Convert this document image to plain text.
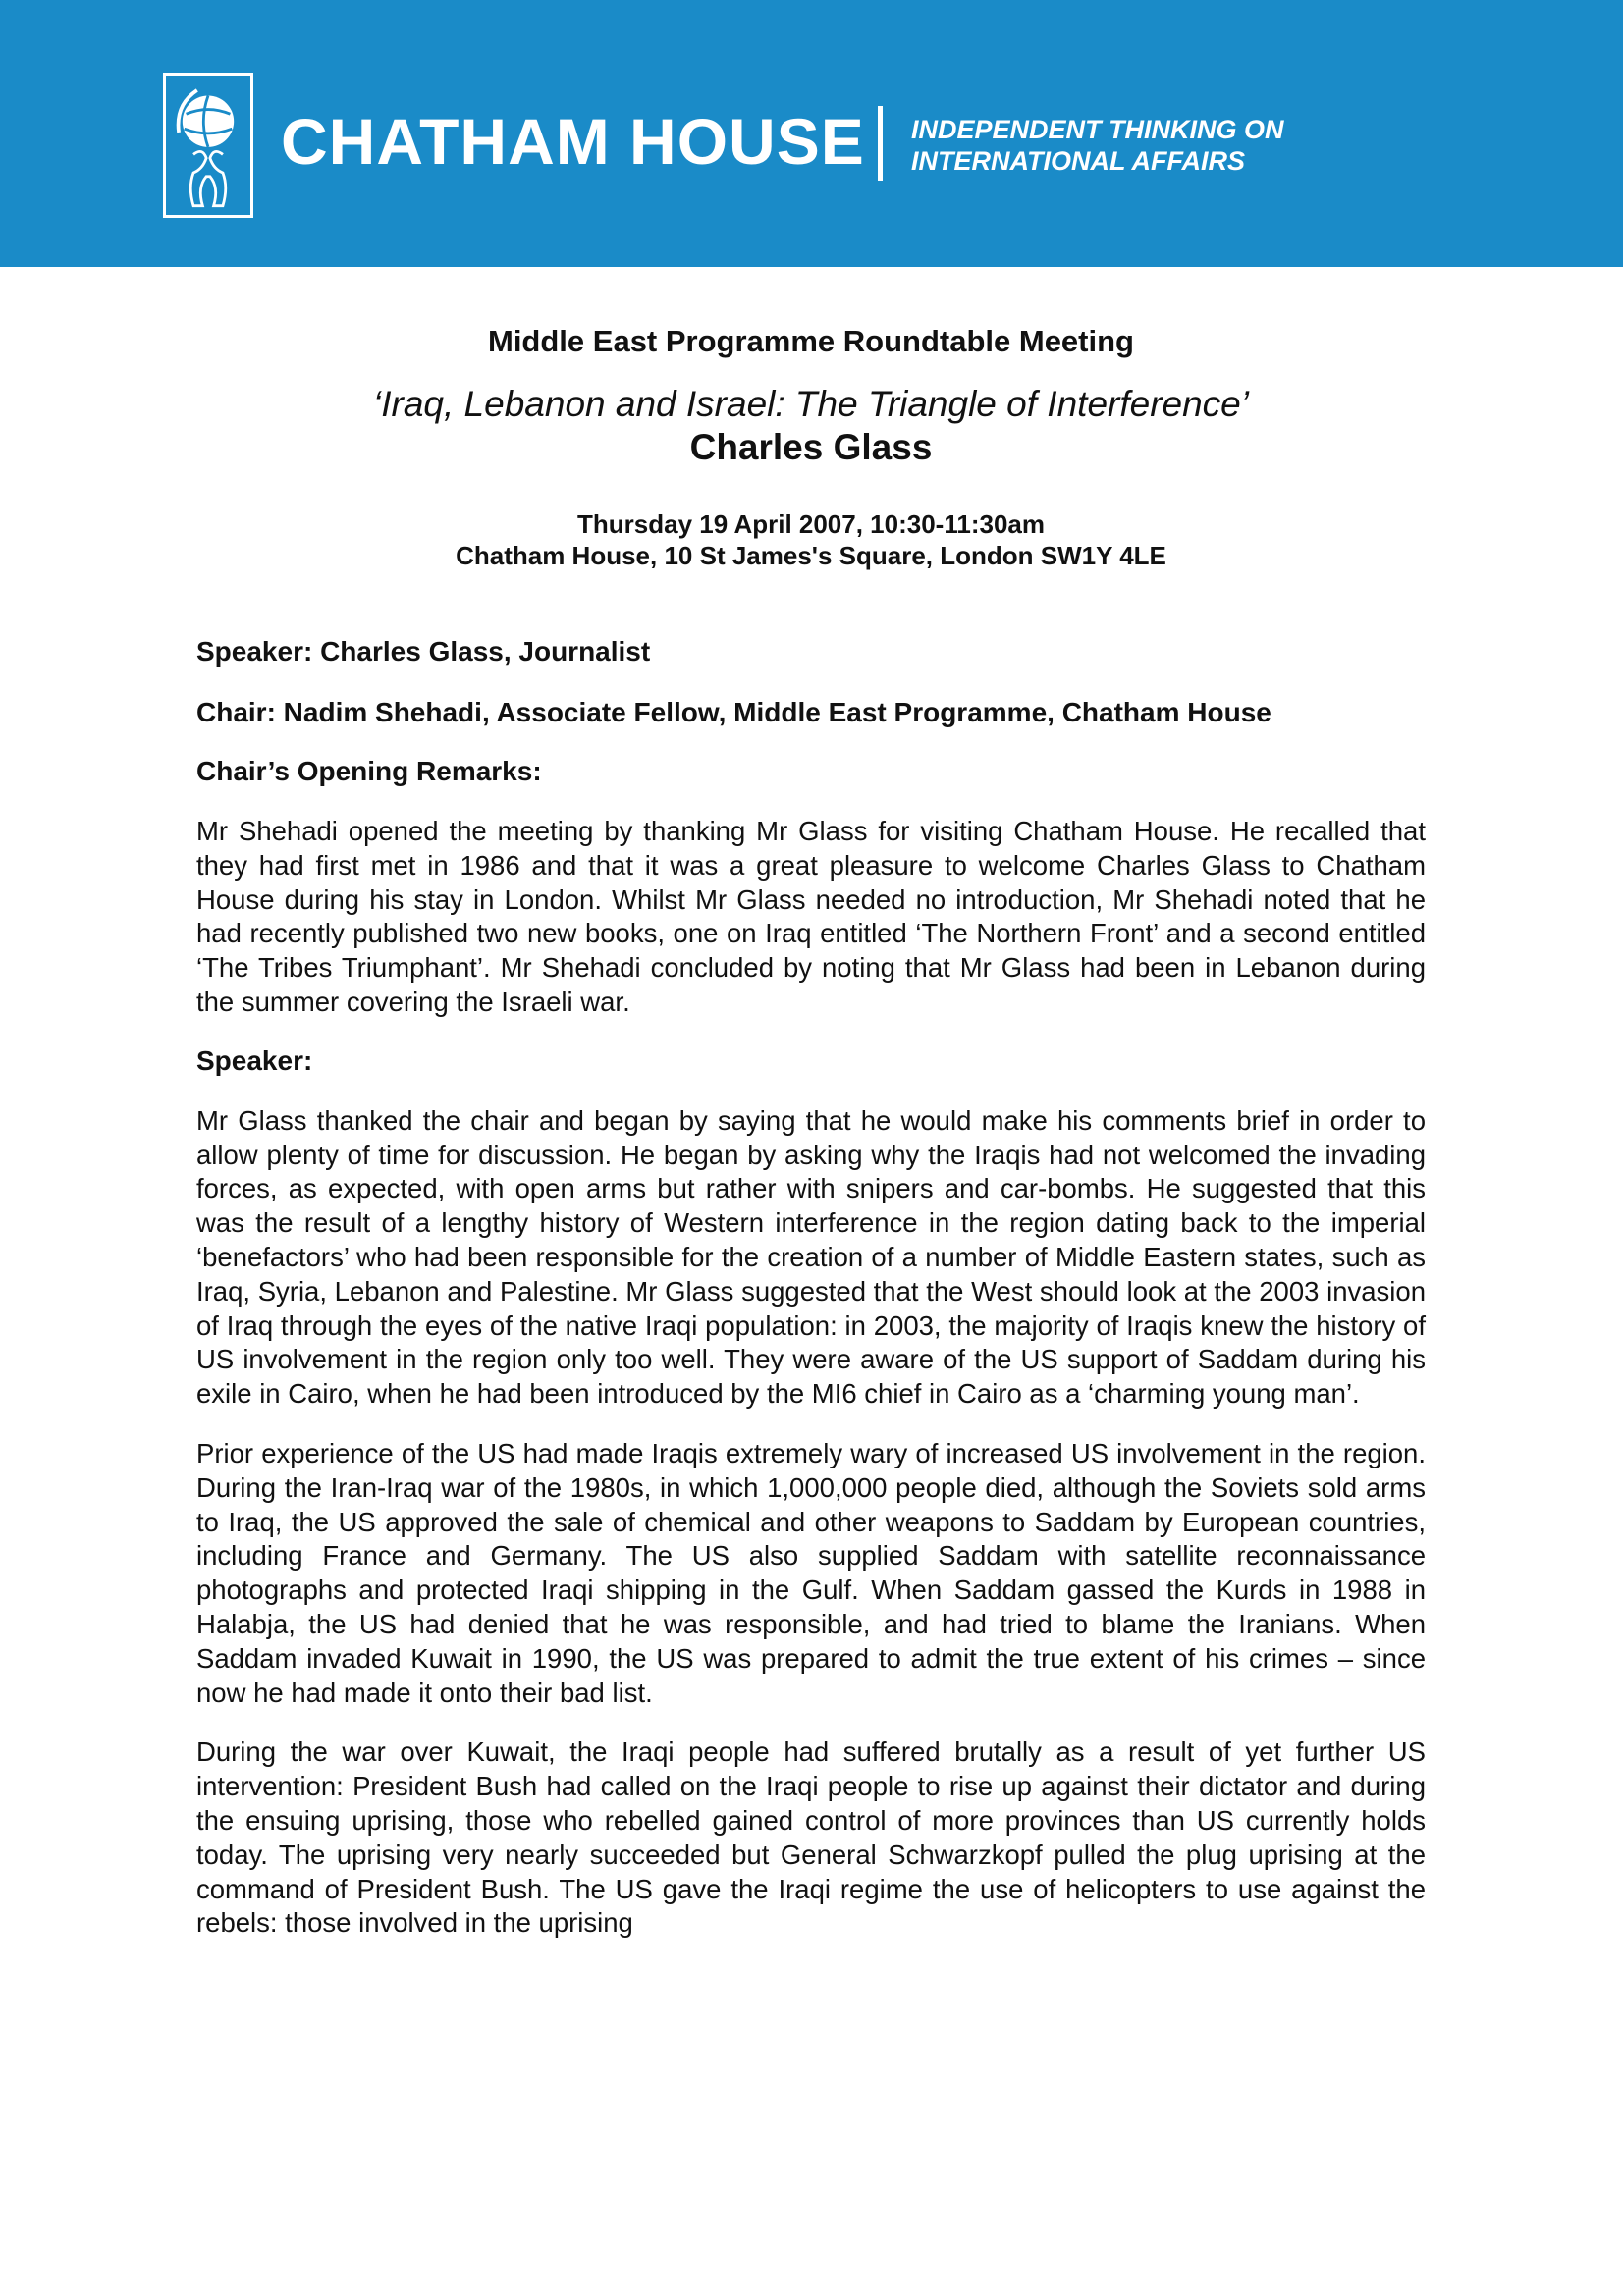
CHATHAM HOUSE INDEPENDENT THINKING ON
INTERNATIONAL AFFAIRS

Middle East Programme Roundtable Meeting

‘Iraq, Lebanon and Israel: The Triangle of Interference’

Charles Glass

Thursday 19 April 2007, 10:30-11:30am

Chatham House, 10 St James's Square, London SW1Y 4LE

Speaker: Charles Glass, Journalist

Chair: Nadim Shehadi, Associate Fellow, Middle East Programme, Chatham House

Chair’s Opening Remarks:

Mr Shehadi opened the meeting by thanking Mr Glass for visiting Chatham House. He recalled that they had first met in 1986 and that it was a great pleasure to welcome Charles Glass to Chatham House during his stay in London. Whilst Mr Glass needed no introduction, Mr Shehadi noted that he had recently published two new books, one on Iraq entitled ‘The Northern Front’ and a second entitled ‘The Tribes Triumphant’. Mr Shehadi concluded by noting that Mr Glass had been in Lebanon during the summer covering the Israeli war.

Speaker:

Mr Glass thanked the chair and began by saying that he would make his comments brief in order to allow plenty of time for discussion. He began by asking why the Iraqis had not welcomed the invading forces, as expected, with open arms but rather with snipers and car-bombs. He suggested that this was the result of a lengthy history of Western interference in the region dating back to the imperial ‘benefactors’ who had been responsible for the creation of a number of Middle Eastern states, such as Iraq, Syria, Lebanon and Palestine. Mr Glass suggested that the West should look at the 2003 invasion of Iraq through the eyes of the native Iraqi population: in 2003, the majority of Iraqis knew the history of US involvement in the region only too well. They were aware of the US support of Saddam during his exile in Cairo, when he had been introduced by the MI6 chief in Cairo as a ‘charming young man’.

Prior experience of the US had made Iraqis extremely wary of increased US involvement in the region. During the Iran-Iraq war of the 1980s, in which 1,000,000 people died, although the Soviets sold arms to Iraq, the US approved the sale of chemical and other weapons to Saddam by European countries, including France and Germany. The US also supplied Saddam with satellite reconnaissance photographs and protected Iraqi shipping in the Gulf. When Saddam gassed the Kurds in 1988 in Halabja, the US had denied that he was responsible, and had tried to blame the Iranians. When Saddam invaded Kuwait in 1990, the US was prepared to admit the true extent of his crimes – since now he had made it onto their bad list.

During the war over Kuwait, the Iraqi people had suffered brutally as a result of yet further US intervention: President Bush had called on the Iraqi people to rise up against their dictator and during the ensuing uprising, those who rebelled gained control of more provinces than US currently holds today. The uprising very nearly succeeded but General Schwarzkopf pulled the plug uprising at the command of President Bush. The US gave the Iraqi regime the use of helicopters to use against the rebels: those involved in the uprising
